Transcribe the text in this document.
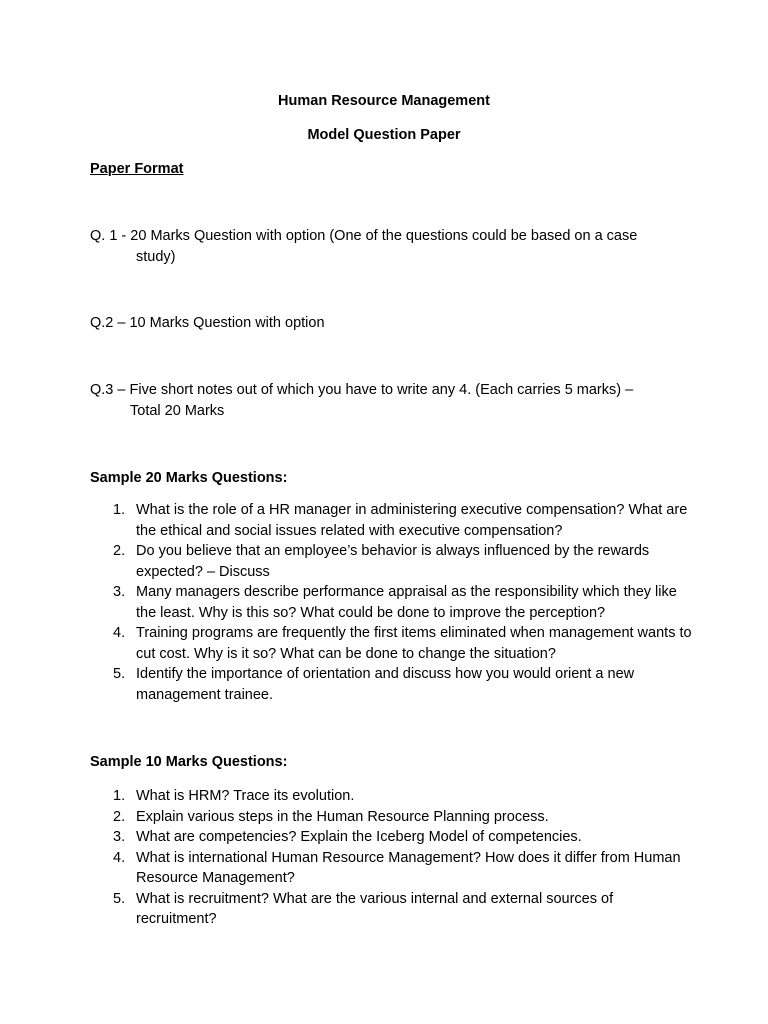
Human Resource Management
Model Question Paper
Paper Format
Q. 1 - 20 Marks Question with option (One of the questions could be based on a case
study)
Q.2 – 10 Marks Question with option
Q.3 – Five short notes out of which you have to write any 4. (Each carries 5 marks) –
Total 20 Marks
Sample 20 Marks Questions:
1. What is the role of a HR manager in administering executive compensation? What are the ethical and social issues related with executive compensation?
2. Do you believe that an employee’s behavior is always influenced by the rewards expected? – Discuss
3. Many managers describe performance appraisal as the responsibility which they like the least. Why is this so? What could be done to improve the perception?
4. Training programs are frequently the first items eliminated when management wants to cut cost. Why is it so? What can be done to change the situation?
5. Identify the importance of orientation and discuss how you would orient a new management trainee.
Sample 10 Marks Questions:
1. What is HRM? Trace its evolution.
2. Explain various steps in the Human Resource Planning process.
3. What are competencies? Explain the Iceberg Model of competencies.
4. What is international Human Resource Management? How does it differ from Human Resource Management?
5. What is recruitment? What are the various internal and external sources of recruitment?
